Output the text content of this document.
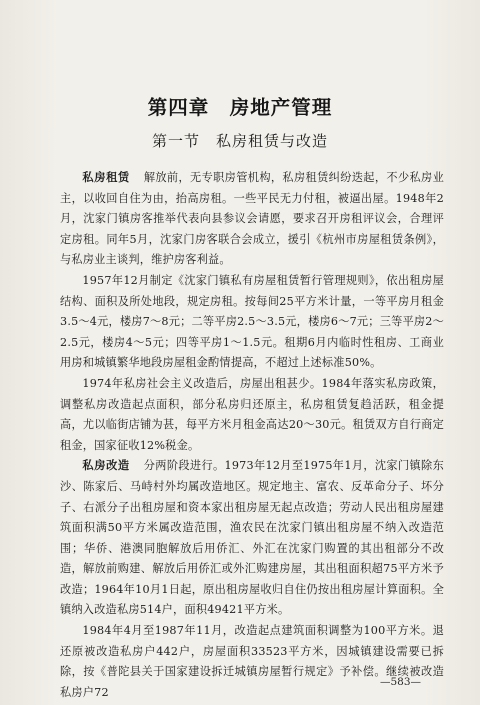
第四章　房地产管理
第一节　私房租赁与改造

私房租赁 解放前，无专职房管机构，私房租赁纠纷迭起，不少私房业主，以收回自住为由，抬高房租。一些平民无力付租，被逼出屋。1948年2月，沈家门镇房客推举代表向县参议会请愿，要求召开房租评议会，合理评定房租。同年5月，沈家门房客联合会成立，援引《杭州市房屋租赁条例》，与私房业主谈判，维护房客利益。

1957年12月制定《沈家门镇私有房屋租赁暂行管理规则》，依出租房屋结构、面积及所处地段，规定房租。按每间25平方米计量，一等平房月租金3.5～4元，楼房7～8元；二等平房2.5～3.5元，楼房6～7元；三等平房2～2.5元，楼房4～5元；四等平房1～1.5元。租期6月内临时性租房、工商业用房和城镇繁华地段房屋租金酌情提高，不超过上述标准50%。

1974年私房社会主义改造后，房屋出租甚少。1984年落实私房政策，调整私房改造起点面积，部分私房归还原主，私房租赁复趋活跃，租金提高，尤以临街店铺为甚，每平方米月租金高达20～30元。租赁双方自行商定租金，国家征收12%税金。

私房改造 分两阶段进行。1973年12月至1975年1月，沈家门镇除东沙、陈家后、马峙村外均属改造地区。规定地主、富农、反革命分子、坏分子、右派分子出租房屋和资本家出租房屋无起点改造；劳动人民出租房屋建筑面积满50平方米属改造范围，渔农民在沈家门镇出租房屋不纳入改造范围；华侨、港澳同胞解放后用侨汇、外汇在沈家门购置的其出租部分不改造，解放前购建、解放后用侨汇或外汇购建房屋，其出租面积超75平方米予改造；1964年10月1日起，原出租房屋收归自住仍按出租房屋计算面积。全镇纳入改造私房514户，面积49421平方米。

1984年4月至1987年11月，改造起点建筑面积调整为100平方米。退还原被改造私房户442户，房屋面积33523平方米，因城镇建设需要已拆除，按《普陀县关于国家建设拆迁城镇房屋暂行规定》予补偿。继续被改造私房户72

—583—
